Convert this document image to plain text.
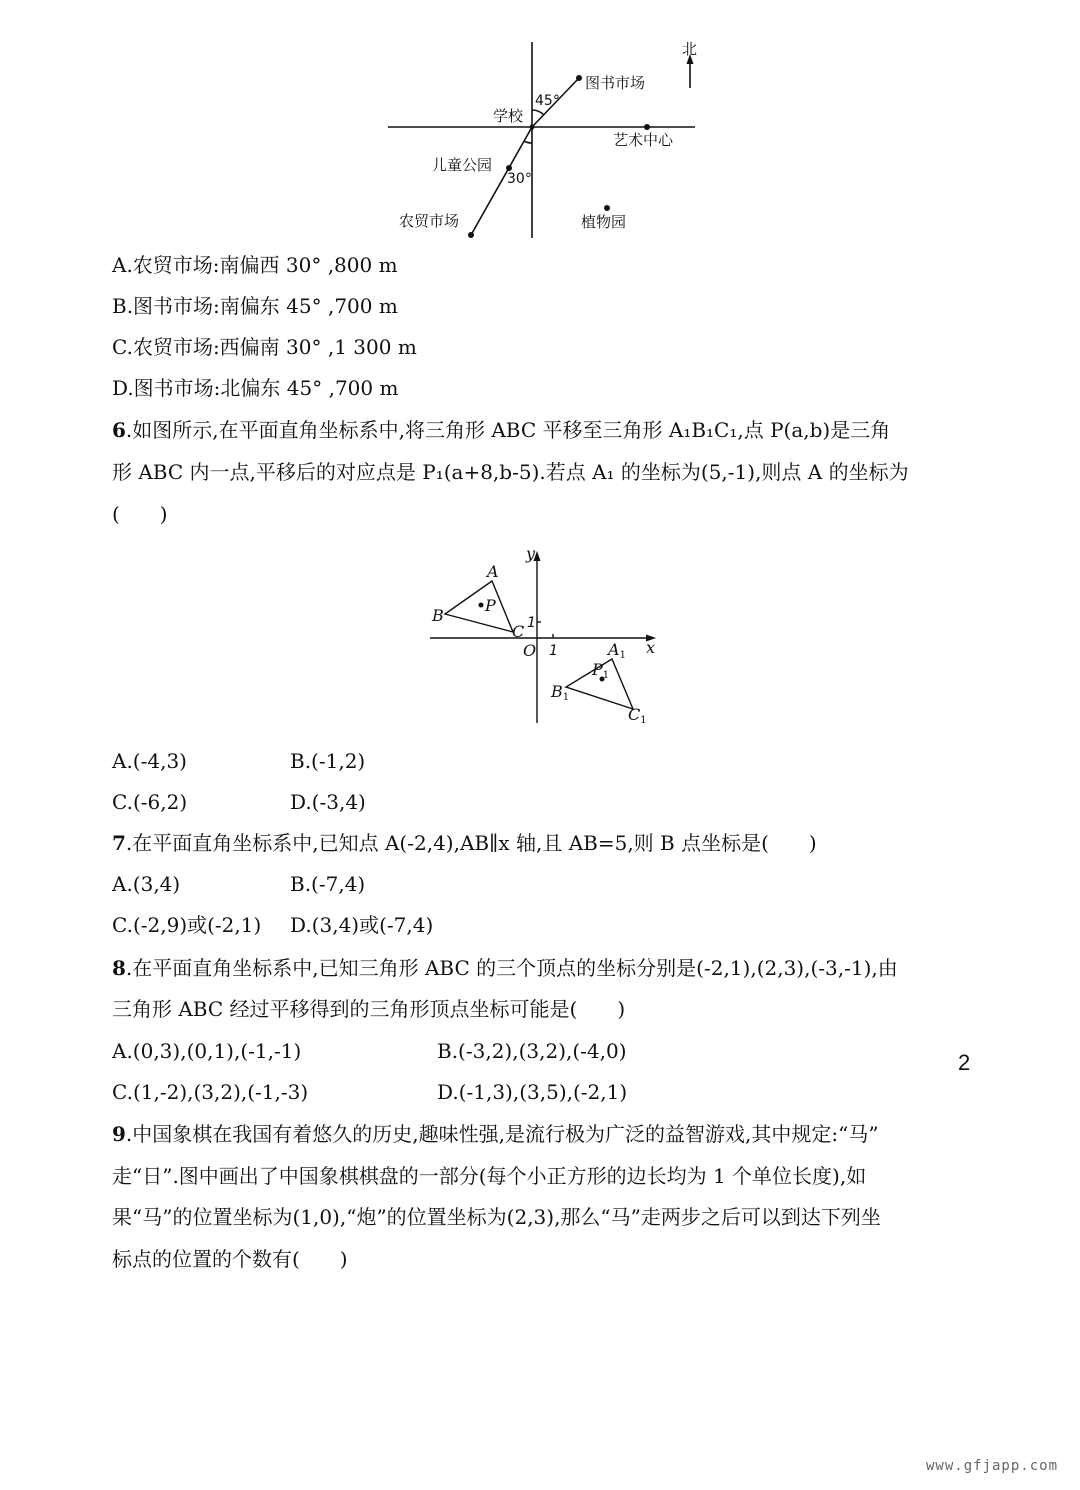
北
图书市场
45°
学校
艺术中心
儿童公园
30°
农贸市场	植物园

A.农贸市场:南偏西 30° ,800 m

B.图书市场:南偏东 45° ,700 m

C.农贸市场:西偏南 30° ,1 300 m

D.图书市场:北偏东 45° ,700 m

6.如图所示,在平面直角坐标系中,将三角形 ABC 平移至三角形 A₁B₁C₁,点 P(a,b)是三角

形 ABC 内一点,平移后的对应点是 P₁(a+8,b-5).若点 A₁ 的坐标为(5,-1),则点 A 的坐标为

(　　)

y
x
O 1
1
A
B
C
P
A1
P1
B1
C1

A.(-4,3)	B.(-1,2)

C.(-6,2)	D.(-3,4)

7.在平面直角坐标系中,已知点 A(-2,4),AB∥x 轴,且 AB=5,则 B 点坐标是(　　)

A.(3,4)	B.(-7,4)

C.(-2,9)或(-2,1) D.(3,4)或(-7,4)

8.在平面直角坐标系中,已知三角形 ABC 的三个顶点的坐标分别是(-2,1),(2,3),(-3,-1),由

三角形 ABC 经过平移得到的三角形顶点坐标可能是(　　)

A.(0,3),(0,1),(-1,-1)	B.(-3,2),(3,2),(-4,0)

C.(1,-2),(3,2),(-1,-3)	D.(-1,3),(3,5),(-2,1)

9.中国象棋在我国有着悠久的历史,趣味性强,是流行极为广泛的益智游戏,其中规定:“马”

走“日”.图中画出了中国象棋棋盘的一部分(每个小正方形的边长均为 1 个单位长度),如

果“马”的位置坐标为(1,0),“炮”的位置坐标为(2,3),那么“马”走两步之后可以到达下列坐

标点的位置的个数有(　　)

2
www.gfjapp.com
